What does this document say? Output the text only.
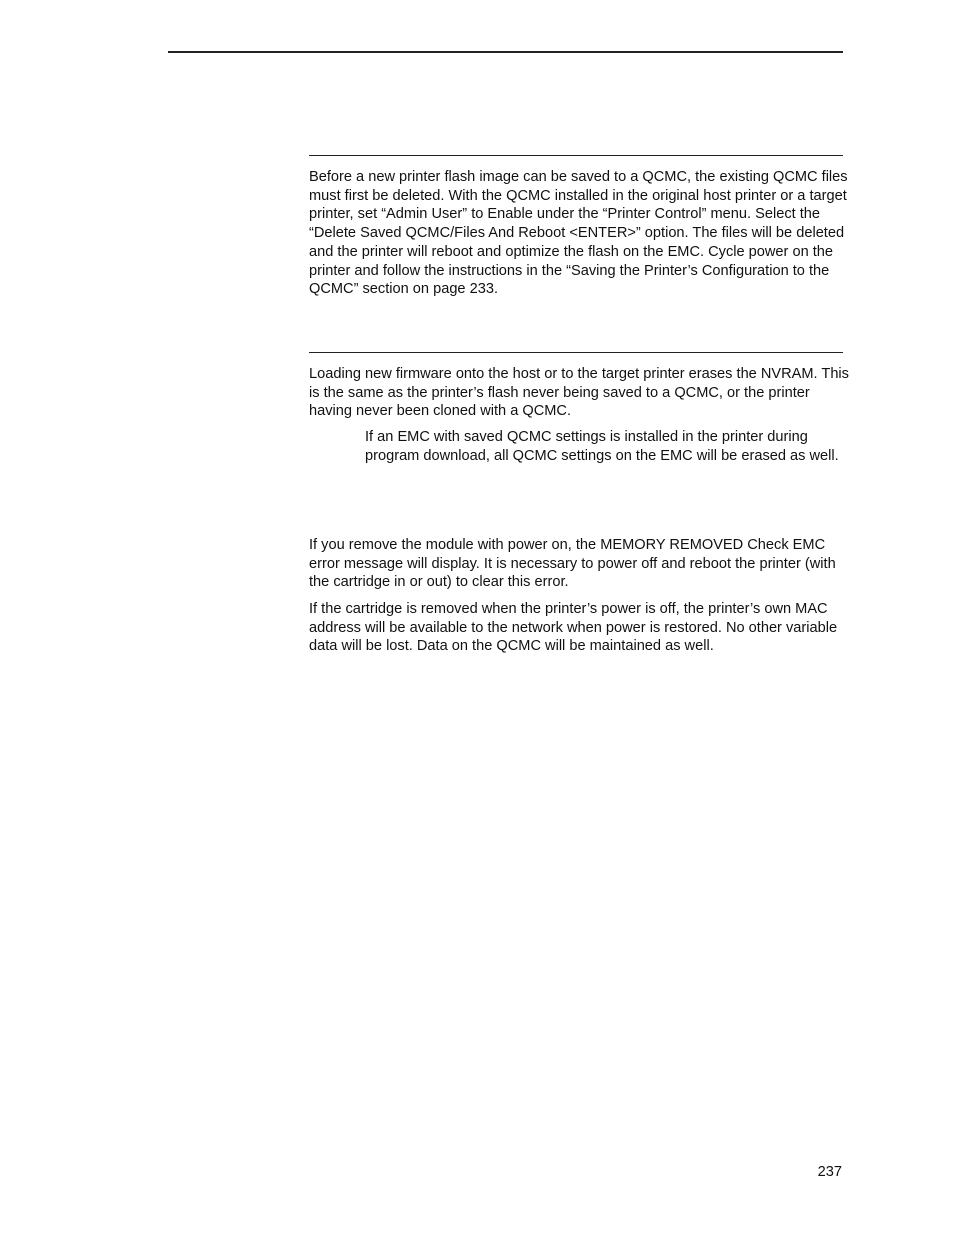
Before a new printer flash image can be saved to a QCMC, the existing QCMC files must first be deleted. With the QCMC installed in the original host printer or a target printer, set “Admin User” to Enable under the “Printer Control” menu. Select the “Delete Saved QCMC/Files And Reboot <ENTER>” option. The files will be deleted and the printer will reboot and optimize the flash on the EMC. Cycle power on the printer and follow the instructions in the “Saving the Printer’s Configuration to the QCMC” section on page 233.

Loading new firmware onto the host or to the target printer erases the NVRAM. This is the same as the printer’s flash never being saved to a QCMC, or the printer having never been cloned with a QCMC.

If an EMC with saved QCMC settings is installed in the printer during program download, all QCMC settings on the EMC will be erased as well.

If you remove the module with power on, the MEMORY REMOVED Check EMC error message will display. It is necessary to power off and reboot the printer (with the cartridge in or out) to clear this error.

If the cartridge is removed when the printer’s power is off, the printer’s own MAC address will be available to the network when power is restored. No other variable data will be lost. Data on the QCMC will be maintained as well.

237
